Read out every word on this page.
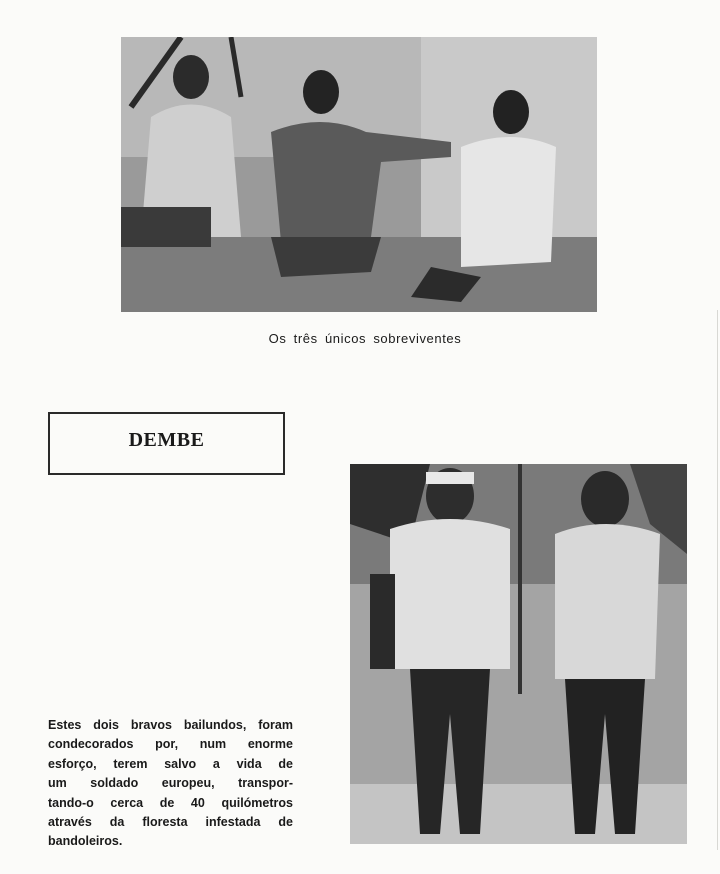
Os três únicos sobreviventes
DEMBE
Estes dois bravos bailundos, foram
condecorados por, num enorme
esforço, terem salvo a vida de
um soldado europeu, transpor-
tando-o cerca de 40 quilómetros
através da floresta infestada de
bandoleiros.
